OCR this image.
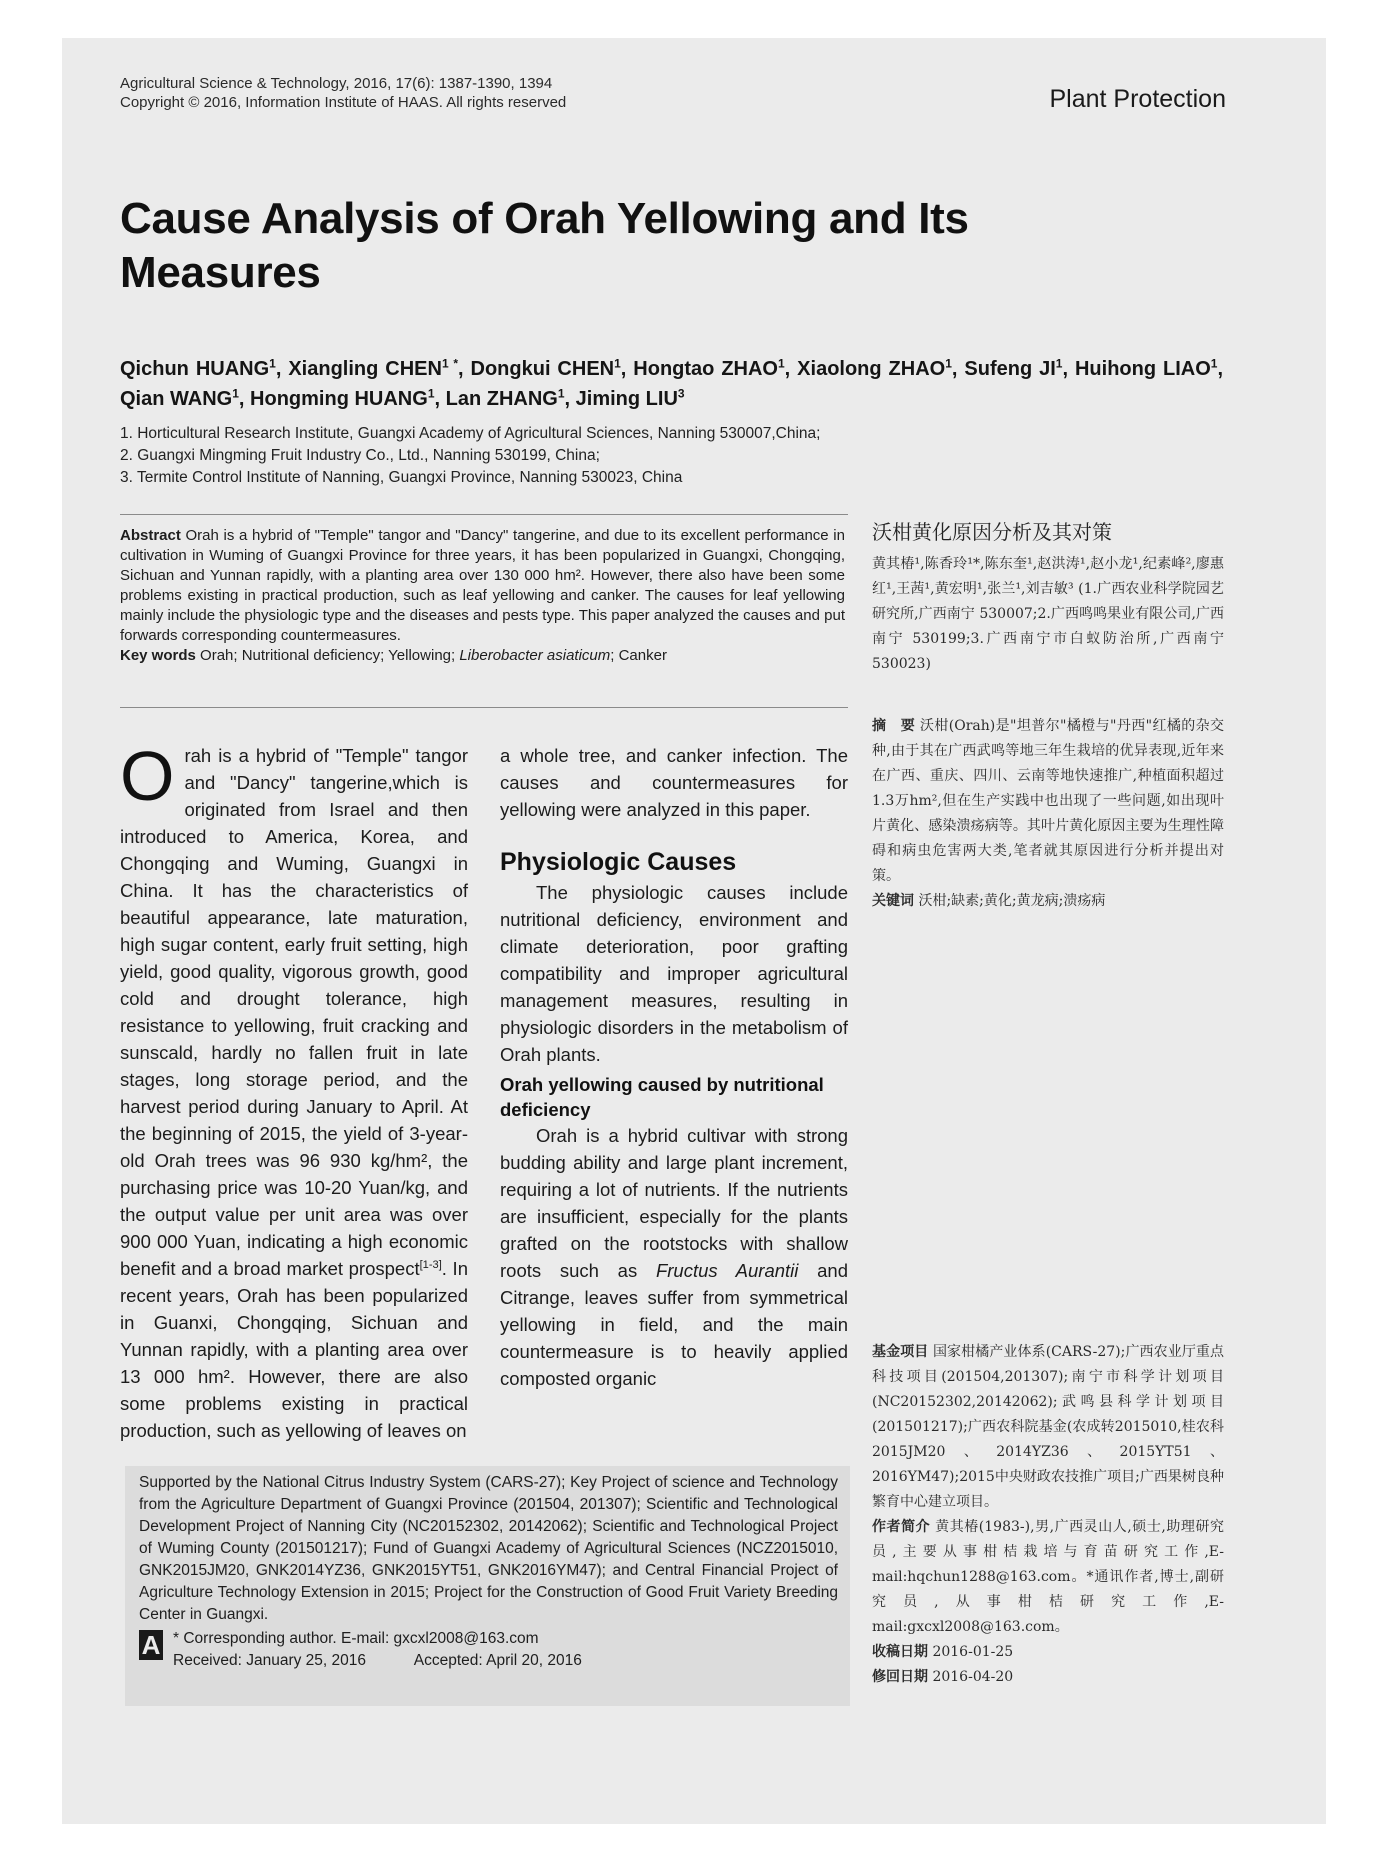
Agricultural Science & Technology, 2016, 17(6): 1387-1390, 1394
Copyright © 2016, Information Institute of HAAS. All rights reserved	Plant Protection
Cause Analysis of Orah Yellowing and Its
Measures
Qichun HUANG$^1$, Xiangling $CHEN^{1 *}$, Dongkui CHEN$^1$, Hongtao ZHAO$^1$, Xiaolong ZHAO$^1$, Sufeng $JI^1$, Huihong LIAO$^1$, Qian WANG$^1$, Hongming HUANG$^1$, Lan ZHANG$^1$, Jiming LIU$^3$
1. Horticultural Research Institute, Guangxi Academy of Agricultural Sciences, Nanning 530007,China;
2. Guangxi Mingming Fruit Industry Co., Ltd., Nanning 530199, China;
3. Termite Control Institute of Nanning, Guangxi Province, Nanning 530023, China
Abstract Orah is a hybrid of "Temple" tangor and "Dancy" tangerine, and due to its excellent performance in cultivation in Wuming of Guangxi Province for three years, it has been popularized in Guangxi, Chongqing, Sichuan and Yunnan rapidly, with a planting area over 130 000 hm². However, there also have been some problems existing in practical production, such as leaf yellowing and canker. The causes for leaf yellowing mainly include the physiologic type and the diseases and pests type. This paper analyzed the causes and put forwards corresponding countermeasures.
Key words Orah; Nutritional deficiency; Yellowing; Liberobacter asiaticum; Canker
Orah is a hybrid of "Temple" tangor and "Dancy" tangerine,which is originated from Israel and then introduced to America, Korea, and Chongqing and Wuming, Guangxi in China. It has the characteristics of beautiful appearance, late maturation, high sugar content, early fruit setting, high yield, good quality, vigorous growth, good cold and drought tolerance, high resistance to yellowing, fruit cracking and sunscald, hardly no fallen fruit in late stages, long storage period, and the harvest period during January to April. At the beginning of 2015, the yield of 3-year-old Orah trees was 96 930 kg/hm², the purchasing price was 10-20 Yuan/kg, and the output value per unit area was over 900 000 Yuan, indicating a high economic benefit and a broad market prospect[1-3]. In recent years, Orah has been popularized in Guanxi, Chongqing, Sichuan and Yunnan rapidly, with a planting area over 13 000 hm². However, there are also some problems existing in practical production, such as yellowing of leaves on
a whole tree, and canker infection. The causes and countermeasures for yellowing were analyzed in this paper.
Physiologic Causes
The physiologic causes include nutritional deficiency, environment and climate deterioration, poor grafting compatibility and improper agricultural management measures, resulting in physiologic disorders in the metabolism of Orah plants.
Orah yellowing caused by nutritional deficiency
Orah is a hybrid cultivar with strong budding ability and large plant increment, requiring a lot of nutrients. If the nutrients are insufficient, especially for the plants grafted on the rootstocks with shallow roots such as Fructus Aurantii and Citrange, leaves suffer from symmetrical yellowing in field, and the main countermeasure is to heavily applied composted organic
沃柑黄化原因分析及其对策
黄其椿¹,陈香玲¹*,陈东奎¹,赵洪涛¹,赵小龙¹,纪素峰²,廖惠红¹,王茜¹,黄宏明¹,张兰¹,刘吉敏³ (1.广西农业科学院园艺研究所,广西南宁 530007;2.广西鸣鸣果业有限公司,广西南宁 530199;3.广西南宁市白蚁防治所,广西南宁 530023)
摘　要 沃柑(Orah)是"坦普尔"橘橙与"丹西"红橘的杂交种,由于其在广西武鸣等地三年生栽培的优异表现,近年来在广西、重庆、四川、云南等地快速推广,种植面积超过1.3万hm²,但在生产实践中也出现了一些问题,如出现叶片黄化、感染溃疡病等。其叶片黄化原因主要为生理性障碍和病虫危害两大类,笔者就其原因进行分析并提出对策。
关键词 沃柑;缺素;黄化;黄龙病;溃疡病
基金项目 国家柑橘产业体系(CARS-27);广西农业厅重点科技项目(201504,201307);南宁市科学计划项目(NC20152302,20142062);武鸣县科学计划项目(201501217);广西农科院基金(农成转2015010,桂农科2015JM20、2014YZ36、2015YT51、2016YM47);2015中央财政农技推广项目;广西果树良种繁育中心建立项目。
作者简介 黄其椿(1983-),男,广西灵山人,硕士,助理研究员,主要从事柑桔栽培与育苗研究工作,E-mail:hqchun1288@163.com。*通讯作者,博士,副研究员,从事柑桔研究工作,E-mail:gxcxl2008@163.com。
收稿日期 2016-01-25
修回日期 2016-04-20
Supported by the National Citrus Industry System (CARS-27); Key Project of science and Technology from the Agriculture Department of Guangxi Province (201504, 201307); Scientific and Technological Development Project of Nanning City (NC20152302, 20142062); Scientific and Technological Project of Wuming County (201501217); Fund of Guangxi Academy of Agricultural Sciences (NCZ2015010, GNK2015JM20, GNK2014YZ36, GNK2015YT51, GNK2016YM47); and Central Financial Project of Agriculture Technology Extension in 2015; Project for the Construction of Good Fruit Variety Breeding Center in Guangxi.
A * Corresponding author. E-mail: gxcxl2008@163.com
Received: January 25, 2016	Accepted: April 20, 2016
